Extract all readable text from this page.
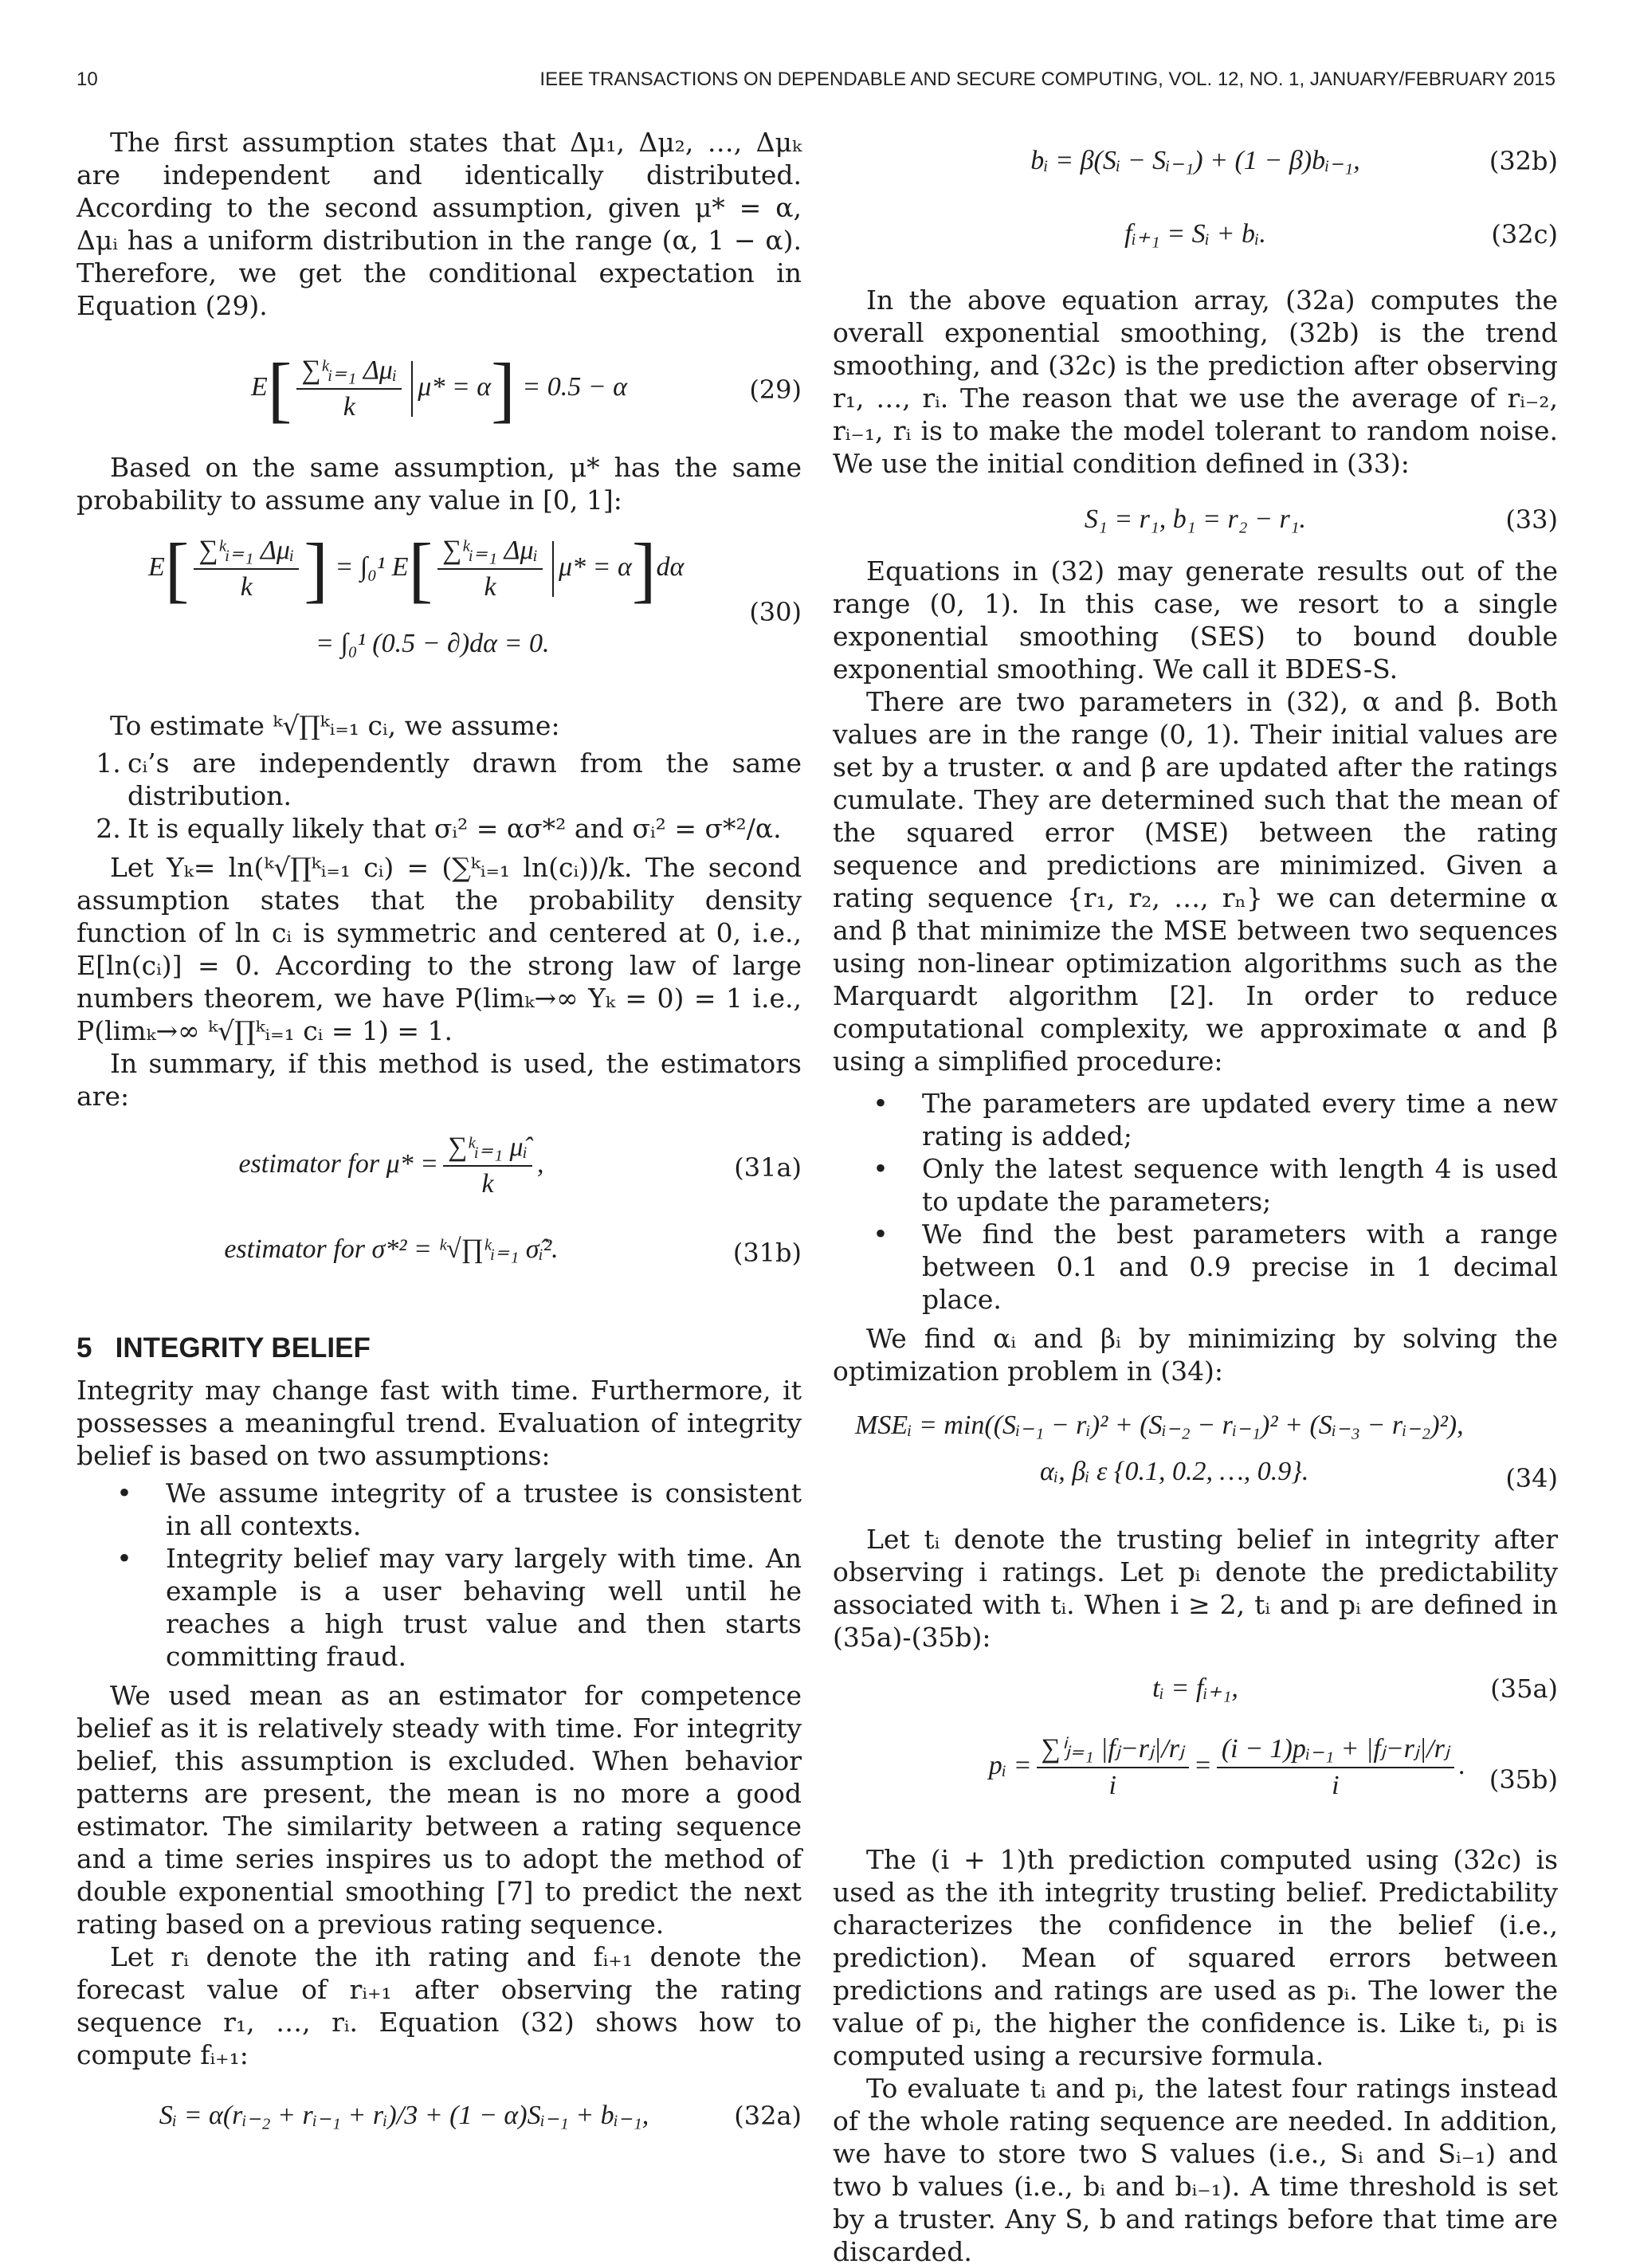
10	IEEE TRANSACTIONS ON DEPENDABLE AND SECURE COMPUTING, VOL. 12, NO. 1, JANUARY/FEBRUARY 2015

The first assumption states that Δμ₁, Δμ₂, …, Δμₖ are independent and identically distributed. According to the second assumption, given μ* = α, Δμᵢ has a uniform distribution in the range (α, 1 − α). Therefore, we get the conditional expectation in Equation (29).

$E[ \frac{\text{∑ᵏᵢ₌₁ Δμᵢ}}{k} \mu* = \alpha] = 0.5 - \alpha$	(29)

Based on the same assumption, μ* has the same probability to assume any value in [0, 1]:

$E[ \frac{\text{∑ᵏᵢ₌₁ Δμᵢ}}{k}$ ] = ∫₀¹ $E[ \frac{\text{∑ᵏᵢ₌₁ Δμᵢ}}{k} \mu* = \alpha]d\alpha$
= ∫₀¹ (0.5 − ∂)dα = 0.
(30)

To estimate ᵏ√∏ᵏᵢ₌₁ cᵢ, we assume:

1. cᵢ’s are independently drawn from the same distribution.
2. It is equally likely that σᵢ² = ασ*² and σᵢ² = σ*²/α.

Let Yₖ= ln(ᵏ√∏ᵏᵢ₌₁ cᵢ) = (∑ᵏᵢ₌₁ ln(cᵢ))/k. The second assumption states that the probability density function of ln cᵢ is symmetric and centered at 0, i.e., E[ln(cᵢ)] = 0. According to the strong law of large numbers theorem, we have P(limₖ→∞ Yₖ = 0) = 1 i.e., P(limₖ→∞ ᵏ√∏ᵏᵢ₌₁ cᵢ = 1) = 1.

In summary, if this method is used, the estimators are:

estimator for $\mu* = \frac{\text{∑ᵏᵢ₌₁ μ̂ᵢ}}{k}$ ,	(31a)
estimator for σ*² = ᵏ√∏ᵏᵢ₌₁ σ̂ᵢ².	(31b)

5 INTEGRITY BELIEF

Integrity may change fast with time. Furthermore, it possesses a meaningful trend. Evaluation of integrity belief is based on two assumptions:

• We assume integrity of a trustee is consistent in all contexts.
• Integrity belief may vary largely with time. An example is a user behaving well until he reaches a high trust value and then starts committing fraud.

We used mean as an estimator for competence belief as it is relatively steady with time. For integrity belief, this assumption is excluded. When behavior patterns are present, the mean is no more a good estimator. The similarity between a rating sequence and a time series inspires us to adopt the method of double exponential smoothing [7] to predict the next rating based on a previous rating sequence.

Let rᵢ denote the ith rating and fᵢ₊₁ denote the forecast value of rᵢ₊₁ after observing the rating sequence r₁, …, rᵢ. Equation (32) shows how to compute fᵢ₊₁:

Sᵢ = α(rᵢ₋₂ + rᵢ₋₁ + rᵢ)/3 + (1 − α)Sᵢ₋₁ + bᵢ₋₁,	(32a)
bᵢ = β(Sᵢ − Sᵢ₋₁) + (1 − β)bᵢ₋₁,	(32b)
fᵢ₊₁ = Sᵢ + bᵢ.	(32c)

In the above equation array, (32a) computes the overall exponential smoothing, (32b) is the trend smoothing, and (32c) is the prediction after observing r₁, …, rᵢ. The reason that we use the average of rᵢ₋₂, rᵢ₋₁, rᵢ is to make the model tolerant to random noise. We use the initial condition defined in (33):

S₁ = r₁, b₁ = r₂ − r₁.	(33)

Equations in (32) may generate results out of the range (0, 1). In this case, we resort to a single exponential smoothing (SES) to bound double exponential smoothing. We call it BDES-S.

There are two parameters in (32), α and β. Both values are in the range (0, 1). Their initial values are set by a truster. α and β are updated after the ratings cumulate. They are determined such that the mean of the squared error (MSE) between the rating sequence and predictions are minimized. Given a rating sequence {r₁, r₂, …, rₙ} we can determine α and β that minimize the MSE between two sequences using non-linear optimization algorithms such as the Marquardt algorithm [2]. In order to reduce computational complexity, we approximate α and β using a simplified procedure:

• The parameters are updated every time a new rating is added;
• Only the latest sequence with length 4 is used to update the parameters;
• We find the best parameters with a range between 0.1 and 0.9 precise in 1 decimal place.

We find αᵢ and βᵢ by minimizing by solving the optimization problem in (34):

MSEᵢ = min((Sᵢ₋₁ − rᵢ)² + (Sᵢ₋₂ − rᵢ₋₁)² + (Sᵢ₋₃ − rᵢ₋₂)²),
αᵢ, βᵢ ε {0.1, 0.2, …, 0.9}.	(34)

Let tᵢ denote the trusting belief in integrity after observing i ratings. Let pᵢ denote the predictability associated with tᵢ. When i ≥ 2, tᵢ and pᵢ are defined in (35a)-(35b):

tᵢ = fᵢ₊₁,	(35a)
pᵢ = $\frac{\text{∑ⁱⱼ₌₁ |fⱼ−rⱼ|/rⱼ}}{i} = \frac{\text{(i − 1)pᵢ₋₁ + |fⱼ−rⱼ|/rⱼ}}{i}$ . (35b)

The (i + 1)th prediction computed using (32c) is used as the ith integrity trusting belief. Predictability characterizes the confidence in the belief (i.e., prediction). Mean of squared errors between predictions and ratings are used as pᵢ. The lower the value of pᵢ, the higher the confidence is. Like tᵢ, pᵢ is computed using a recursive formula.

To evaluate tᵢ and pᵢ, the latest four ratings instead of the whole rating sequence are needed. In addition, we have to store two S values (i.e., Sᵢ and Sᵢ₋₁) and two b values (i.e., bᵢ and bᵢ₋₁). A time threshold is set by a truster. Any S, b and ratings before that time are discarded.
